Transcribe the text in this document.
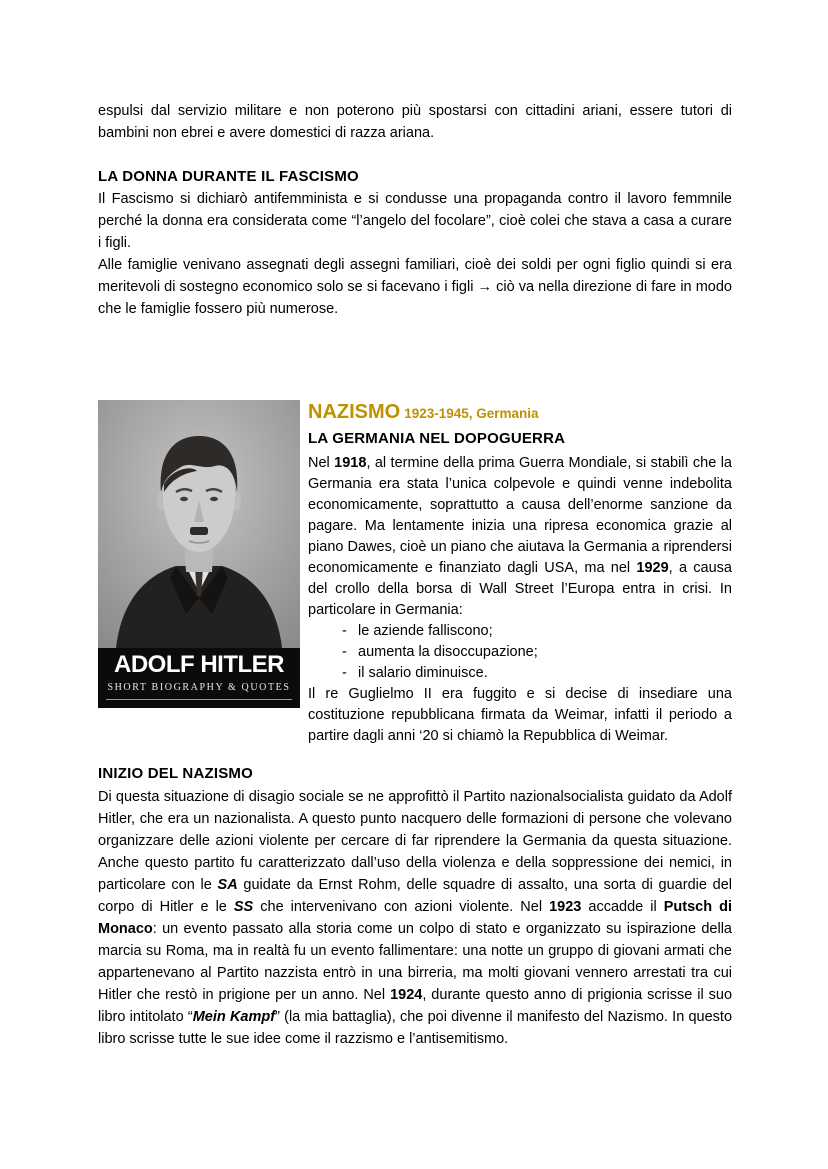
espulsi dal servizio militare e non poterono più spostarsi con cittadini ariani, essere tutori di bambini non ebrei e avere domestici di razza ariana.

LA DONNA DURANTE IL FASCISMO

Il Fascismo si dichiarò antifemminista e si condusse una propaganda contro il lavoro femmnile perché la donna era considerata come “l’angelo del focolare”, cioè colei che stava a casa a curare i figli.

Alle famiglie venivano assegnati degli assegni familiari, cioè dei soldi per ogni figlio quindi si era meritevoli di sostegno economico solo se si facevano i figli → ciò va nella direzione di fare in modo che le famiglie fossero più numerose.

ADOLF HITLER
SHORT BIOGRAPHY & QUOTES
NAZISMO 1923-1945, Germania
LA GERMANIA NEL DOPOGUERRA

Nel 1918, al termine della prima Guerra Mondiale, si stabilì che la Germania era stata l’unica colpevole e quindi venne indebolita economicamente, soprattutto a causa dell’enorme sanzione da pagare. Ma lentamente inizia una ripresa economica grazie al piano Dawes, cioè un piano che aiutava la Germania a riprendersi economicamente e finanziato dagli USA, ma nel 1929, a causa del crollo della borsa di Wall Street l’Europa entra in crisi. In particolare in Germania:

- le aziende falliscono;
- aumenta la disoccupazione;
- il salario diminuisce.

Il re Guglielmo II era fuggito e si decise di insediare una costituzione repubblicana firmata da Weimar, infatti il periodo a partire dagli anni ‘20 si chiamò la Repubblica di Weimar.

INIZIO DEL NAZISMO

Di questa situazione di disagio sociale se ne approfittò il Partito nazionalsocialista guidato da Adolf Hitler, che era un nazionalista. A questo punto nacquero delle formazioni di persone che volevano organizzare delle azioni violente per cercare di far riprendere la Germania da questa situazione. Anche questo partito fu caratterizzato dall’uso della violenza e della soppressione dei nemici, in particolare con le SA guidate da Ernst Rohm, delle squadre di assalto, una sorta di guardie del corpo di Hitler e le SS che intervenivano con azioni violente. Nel 1923 accadde il Putsch di Monaco: un evento passato alla storia come un colpo di stato e organizzato su ispirazione della marcia su Roma, ma in realtà fu un evento fallimentare: una notte un gruppo di giovani armati che appartenevano al Partito nazzista entrò in una birreria, ma molti giovani vennero arrestati tra cui Hitler che restò in prigione per un anno. Nel 1924, durante questo anno di prigionia scrisse il suo libro intitolato “Mein Kampf” (la mia battaglia), che poi divenne il manifesto del Nazismo. In questo libro scrisse tutte le sue idee come il razzismo e l’antisemitismo.
